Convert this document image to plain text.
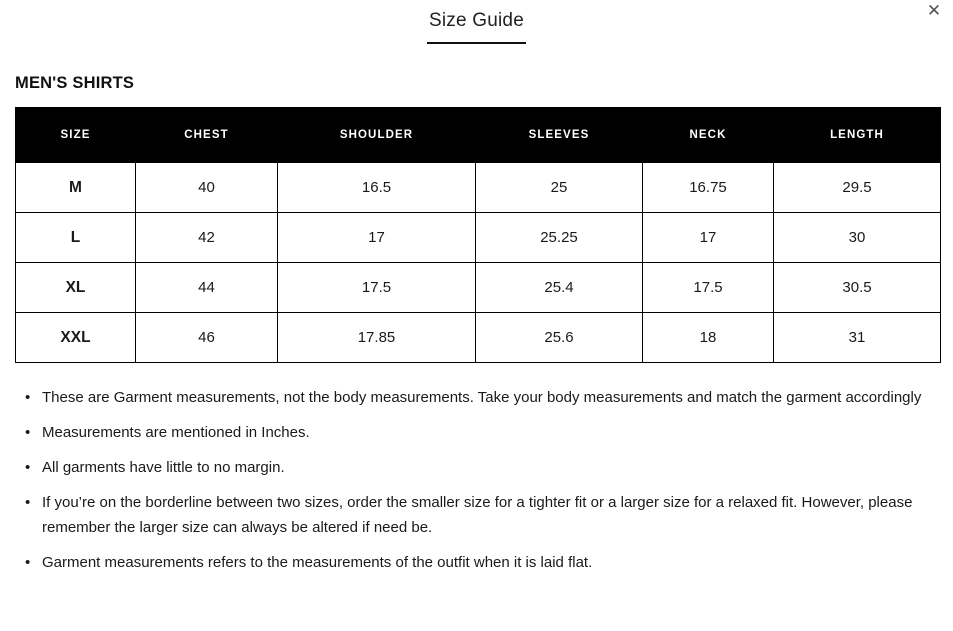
✕
Size Guide
MEN'S SHIRTS
SIZE	CHEST	SHOULDER	SLEEVES	NECK	LENGTH
M	40	16.5	25	16.75	29.5
L	42	17	25.25	17	30
XL	44	17.5	25.4	17.5	30.5
XXL	46	17.85	25.6	18	31
• These are Garment measurements, not the body measurements. Take your body measurements and match the garment accordingly
• Measurements are mentioned in Inches.
• All garments have little to no margin.
• If you’re on the borderline between two sizes, order the smaller size for a tighter fit or a larger size for a relaxed fit. However, please remember the larger size can always be altered if need be.
• Garment measurements refers to the measurements of the outfit when it is laid flat.
